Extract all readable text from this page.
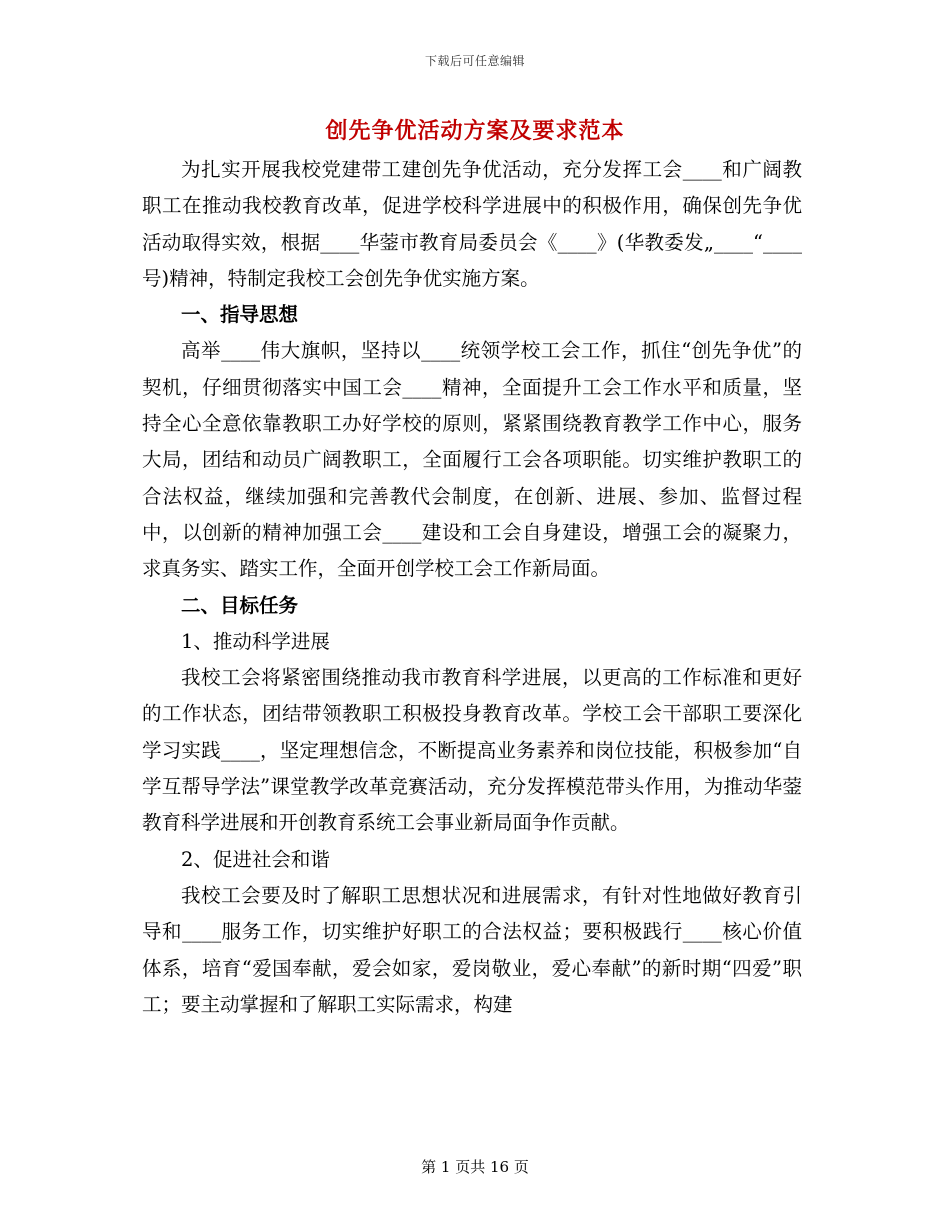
下载后可任意编辑
创先争优活动方案及要求范本

为扎实开展我校党建带工建创先争优活动，充分发挥工会____和广阔教职工在推动我校教育改革，促进学校科学进展中的积极作用，确保创先争优活动取得实效，根据____华蓥市教育局委员会《____》(华教委发„____“____号)精神，特制定我校工会创先争优实施方案。

一、指导思想

高举____伟大旗帜，坚持以____统领学校工会工作，抓住“创先争优”的契机，仔细贯彻落实中国工会____精神，全面提升工会工作水平和质量，坚持全心全意依靠教职工办好学校的原则，紧紧围绕教育教学工作中心，服务大局，团结和动员广阔教职工，全面履行工会各项职能。切实维护教职工的合法权益，继续加强和完善教代会制度，在创新、进展、参加、监督过程中，以创新的精神加强工会____建设和工会自身建设，增强工会的凝聚力，求真务实、踏实工作，全面开创学校工会工作新局面。

二、目标任务

1、推动科学进展

我校工会将紧密围绕推动我市教育科学进展，以更高的工作标准和更好的工作状态，团结带领教职工积极投身教育改革。学校工会干部职工要深化学习实践____，坚定理想信念，不断提高业务素养和岗位技能，积极参加“自学互帮导学法”课堂教学改革竞赛活动，充分发挥模范带头作用，为推动华蓥教育科学进展和开创教育系统工会事业新局面争作贡献。

2、促进社会和谐

我校工会要及时了解职工思想状况和进展需求，有针对性地做好教育引导和____服务工作，切实维护好职工的合法权益；要积极践行____核心价值体系，培育“爱国奉献，爱会如家，爱岗敬业，爱心奉献”的新时期“四爱”职工；要主动掌握和了解职工实际需求，构建

第 1 页共 16 页
